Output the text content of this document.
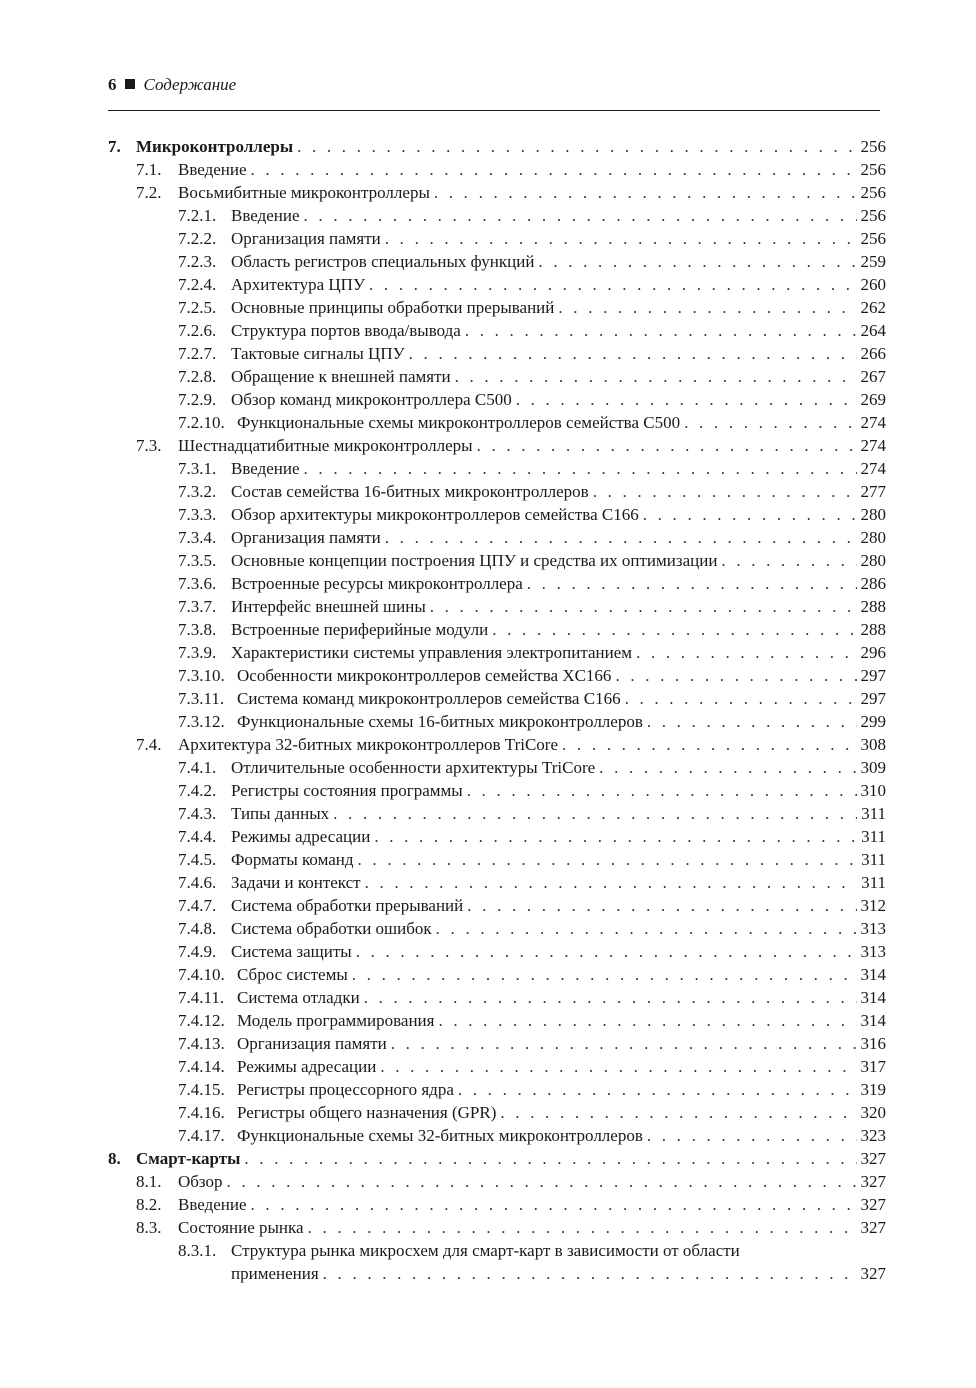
6 Содержание
7. Микроконтроллеры . . .	256
7.1. Введение . . .	256
7.2. Восьмибитные микроконтроллеры . . .	256
7.2.1. Введение . . .	256
7.2.2. Организация памяти . . .	256
7.2.3. Область регистров специальных функций . . .	259
7.2.4. Архитектура ЦПУ . . .	260
7.2.5. Основные принципы обработки прерываний . . .	262
7.2.6. Структура портов ввода/вывода . . .	264
7.2.7. Тактовые сигналы ЦПУ . . .	266
7.2.8. Обращение к внешней памяти . . .	267
7.2.9. Обзор команд микроконтроллера C500 . . .	269
7.2.10. Функциональные схемы микроконтроллеров семейства C500 . . .	274
7.3. Шестнадцатибитные микроконтроллеры . . .	274
7.3.1. Введение . . .	274
7.3.2. Состав семейства 16-битных микроконтроллеров . . .	277
7.3.3. Обзор архитектуры микроконтроллеров семейства C166 . . .	280
7.3.4. Организация памяти . . .	280
7.3.5. Основные концепции построения ЦПУ и средства их оптимизации . . .	280
7.3.6. Встроенные ресурсы микроконтроллера . . .	286
7.3.7. Интерфейс внешней шины . . .	288
7.3.8. Встроенные периферийные модули . . .	288
7.3.9. Характеристики системы управления электропитанием . . .	296
7.3.10. Особенности микроконтроллеров семейства XC166 . . .	297
7.3.11. Система команд микроконтроллеров семейства C166 . . .	297
7.3.12. Функциональные схемы 16-битных микроконтроллеров . . .	299
7.4. Архитектура 32-битных микроконтроллеров TriCore . . .	308
7.4.1. Отличительные особенности архитектуры TriCore . . .	309
7.4.2. Регистры состояния программы . . .	310
7.4.3. Типы данных . . .	311
7.4.4. Режимы адресации . . .	311
7.4.5. Форматы команд . . .	311
7.4.6. Задачи и контекст . . .	311
7.4.7. Система обработки прерываний . . .	312
7.4.8. Система обработки ошибок . . .	313
7.4.9. Система защиты . . .	313
7.4.10. Сброс системы . . .	314
7.4.11. Система отладки . . .	314
7.4.12. Модель программирования . . .	314
7.4.13. Организация памяти . . .	316
7.4.14. Режимы адресации . . .	317
7.4.15. Регистры процессорного ядра . . .	319
7.4.16. Регистры общего назначения (GPR) . . .	320
7.4.17. Функциональные схемы 32-битных микроконтроллеров . . .	323
8. Смарт-карты . . .	327
8.1. Обзор . . .	327
8.2. Введение . . .	327
8.3. Состояние рынка . . .	327
8.3.1. Структура рынка микросхем для смарт-карт в зависимости от области
применения . . .	327
